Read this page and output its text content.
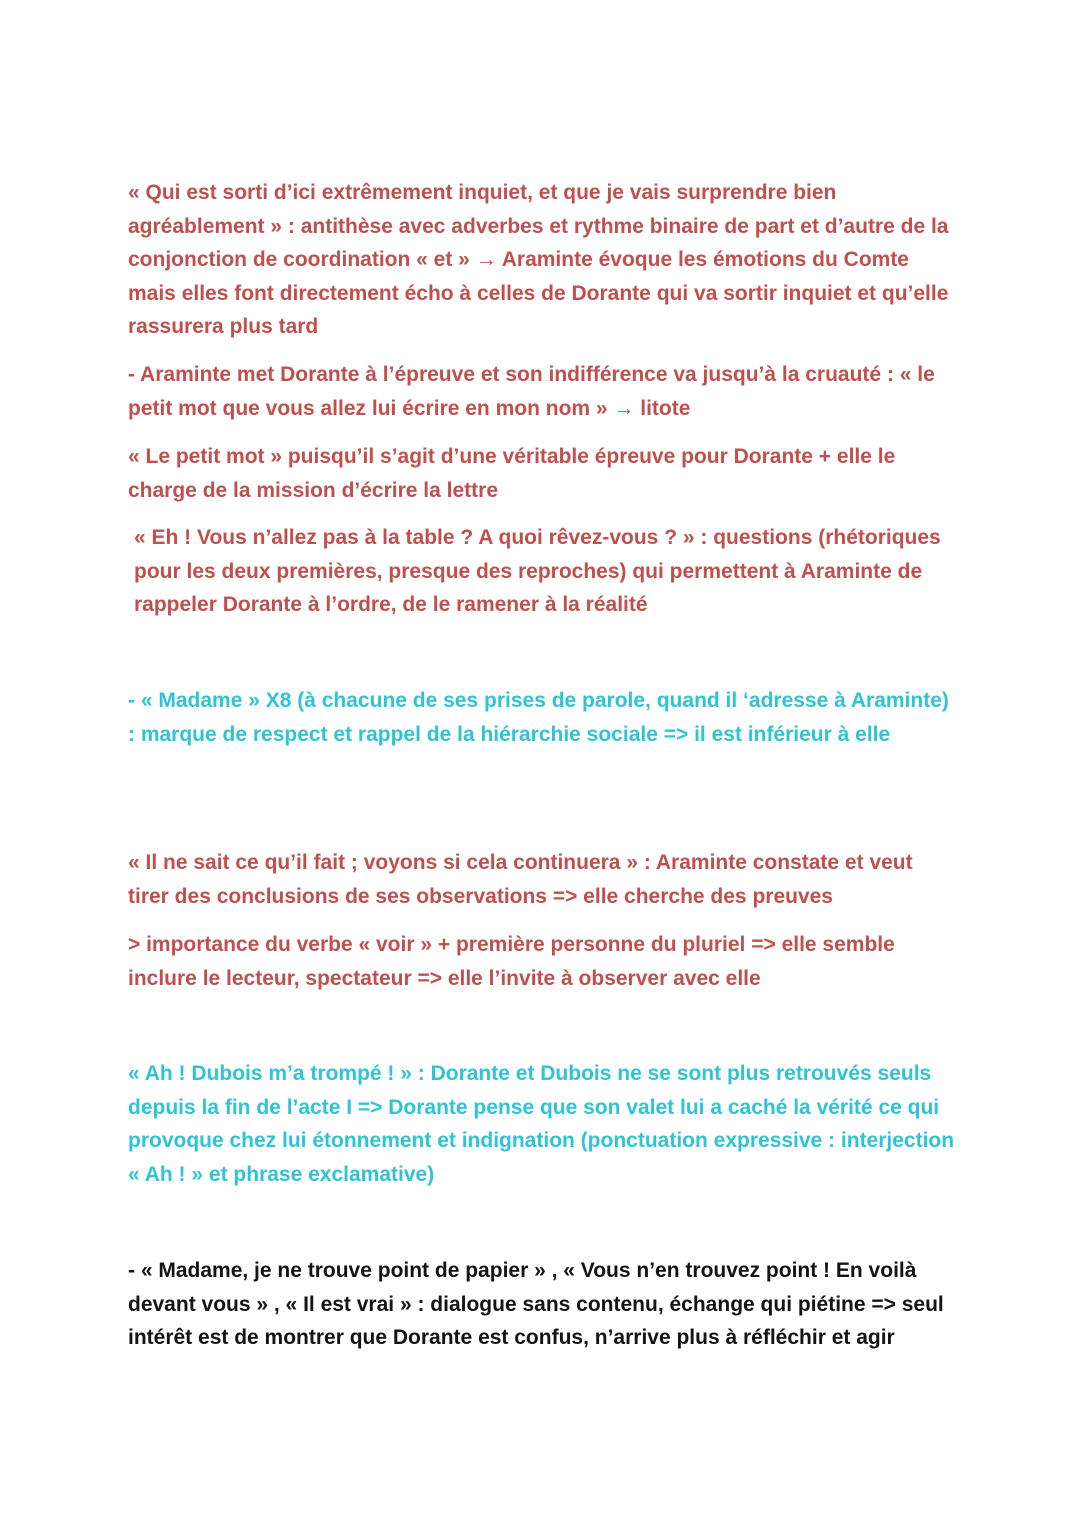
« Qui est sorti d’ici extrêmement inquiet, et que je vais surprendre bien agréablement » : antithèse avec adverbes et rythme binaire de part et d’autre de la conjonction de coordination « et » → Araminte évoque les émotions du Comte mais elles font directement écho à celles de Dorante qui va sortir inquiet et qu’elle rassurera plus tard

- Araminte met Dorante à l’épreuve et son indifférence va jusqu’à la cruauté : « le petit mot que vous allez lui écrire en mon nom » → litote

« Le petit mot » puisqu’il s’agit d’une véritable épreuve pour Dorante + elle le charge de la mission d’écrire la lettre

« Eh ! Vous n’allez pas à la table ? A quoi rêvez-vous ? » : questions (rhétoriques pour les deux premières, presque des reproches) qui permettent à Araminte de rappeler Dorante à l’ordre, de le ramener à la réalité

- « Madame » X8 (à chacune de ses prises de parole, quand il ‘adresse à Araminte) : marque de respect et rappel de la hiérarchie sociale => il est inférieur à elle

« Il ne sait ce qu’il fait ; voyons si cela continuera » : Araminte constate et veut tirer des conclusions de ses observations => elle cherche des preuves

> importance du verbe « voir » + première personne du pluriel => elle semble inclure le lecteur, spectateur => elle l’invite à observer avec elle

« Ah ! Dubois m’a trompé ! » : Dorante et Dubois ne se sont plus retrouvés seuls depuis la fin de l’acte I => Dorante pense que son valet lui a caché la vérité ce qui provoque chez lui étonnement et indignation (ponctuation expressive : interjection « Ah ! » et phrase exclamative)

- « Madame, je ne trouve point de papier » , « Vous n’en trouvez point ! En voilà devant vous » , « Il est vrai » : dialogue sans contenu, échange qui piétine => seul intérêt est de montrer que Dorante est confus, n’arrive plus à réfléchir et agir
